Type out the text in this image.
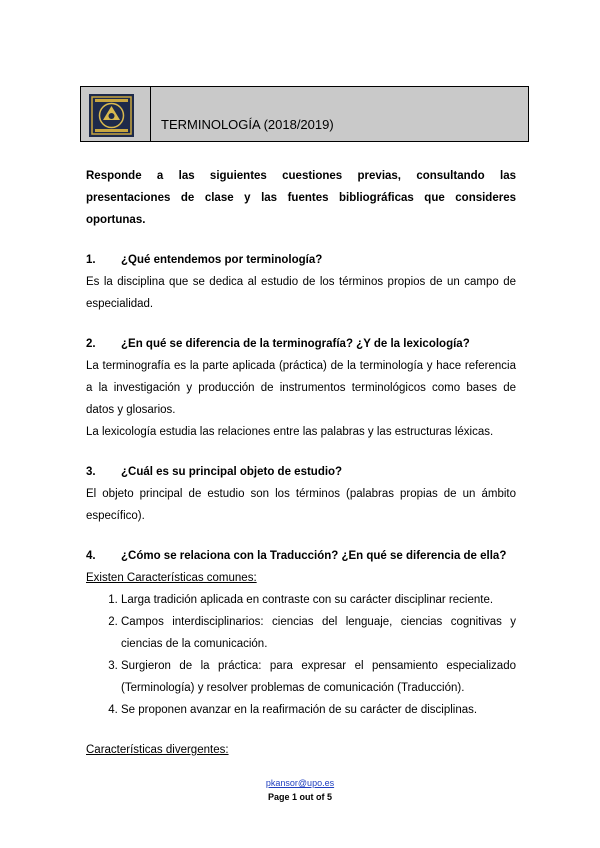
TERMINOLOGÍA (2018/2019)

Responde a las siguientes cuestiones previas, consultando las presentaciones de clase y las fuentes bibliográficas que consideres oportunas.

1. ¿Qué entendemos por terminología?

Es la disciplina que se dedica al estudio de los términos propios de un campo de especialidad.

2. ¿En qué se diferencia de la terminografía? ¿Y de la lexicología?

La terminografía es la parte aplicada (práctica) de la terminología y hace referencia a la investigación y producción de instrumentos terminológicos como bases de datos y glosarios.

La lexicología estudia las relaciones entre las palabras y las estructuras léxicas.

3. ¿Cuál es su principal objeto de estudio?

El objeto principal de estudio son los términos (palabras propias de un ámbito específico).

4. ¿Cómo se relaciona con la Traducción? ¿En qué se diferencia de ella?

Existen Características comunes:

1. Larga tradición aplicada en contraste con su carácter disciplinar reciente.
2. Campos interdisciplinarios: ciencias del lenguaje, ciencias cognitivas y ciencias de la comunicación.
3. Surgieron de la práctica: para expresar el pensamiento especializado (Terminología) y resolver problemas de comunicación (Traducción).
4. Se proponen avanzar en la reafirmación de su carácter de disciplinas.

Características divergentes:

pkansor@upo.es
Page 1 out of 5
